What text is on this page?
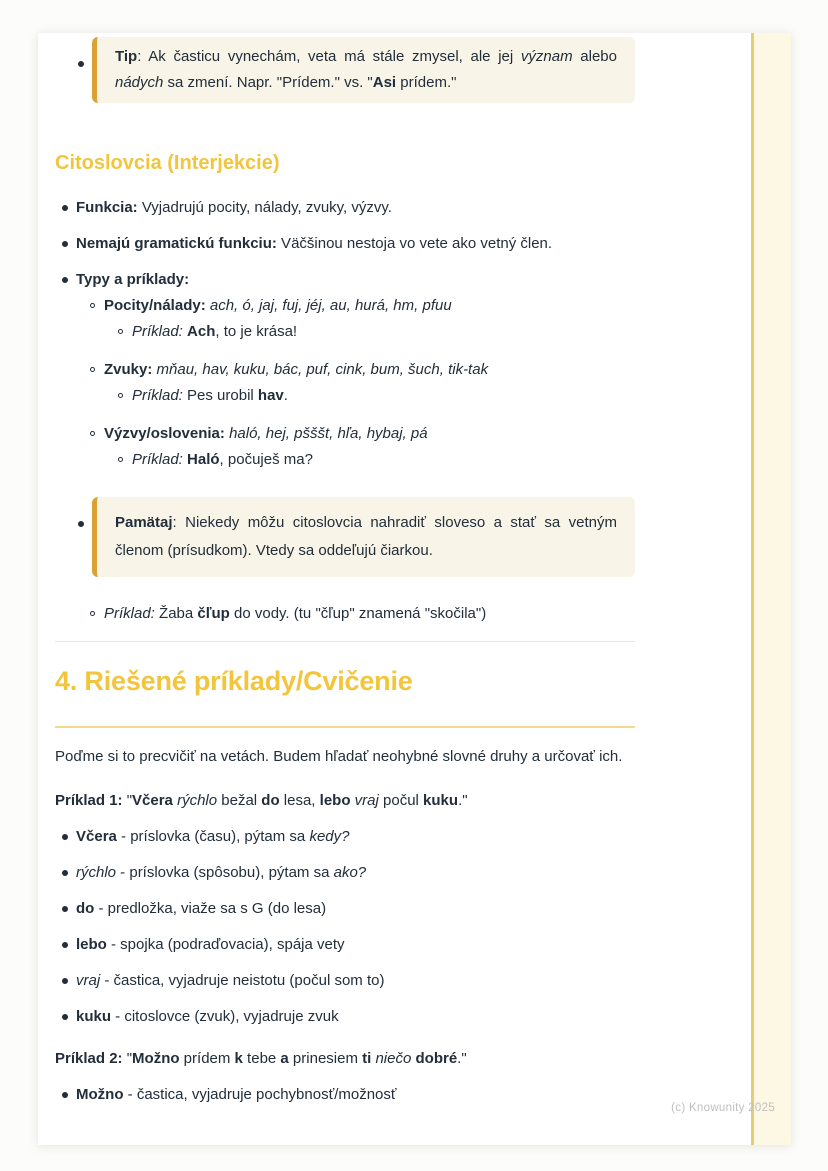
Tip: Ak časticu vynechám, veta má stále zmysel, ale jej význam alebo nádych sa zmení. Napr. "Prídem." vs. "Asi prídem."

Citoslovcia (Interjekcie)
Funkcia: Vyjadrujú pocity, nálady, zvuky, výzvy.
Nemajú gramatickú funkciu: Väčšinou nestoja vo vete ako vetný člen.
Typy a príklady:
Pocity/nálady: ach, ó, jaj, fuj, jéj, au, hurá, hm, pfuu
Príklad: Ach, to je krása!
Zvuky: mňau, hav, kuku, bác, puf, cink, bum, šuch, tik-tak
Príklad: Pes urobil hav.
Výzvy/oslovenia: haló, hej, pšššt, hľa, hybaj, pá
Príklad: Haló, počuješ ma?

Pamätaj: Niekedy môžu citoslovcia nahradiť sloveso a stať sa vetným členom (prísudkom). Vtedy sa oddeľujú čiarkou.

Príklad: Žaba čľup do vody. (tu "čľup" znamená "skočila")
4. Riešené príklady/Cvičenie

Poďme si to precvičiť na vetách. Budem hľadať neohybné slovné druhy a určovať ich.

Príklad 1: "Včera rýchlo bežal do lesa, lebo vraj počul kuku."

Včera - príslovka (času), pýtam sa kedy?
rýchlo - príslovka (spôsobu), pýtam sa ako?
do - predložka, viaže sa s G (do lesa)
lebo - spojka (podraďovacia), spája vety
vraj - častica, vyjadruje neistotu (počul som to)
kuku - citoslovce (zvuk), vyjadruje zvuk

Príklad 2: "Možno prídem k tebe a prinesiem ti niečo dobré."

Možno - častica, vyjadruje pochybnosť/možnosť
(c) Knowunity 2025
